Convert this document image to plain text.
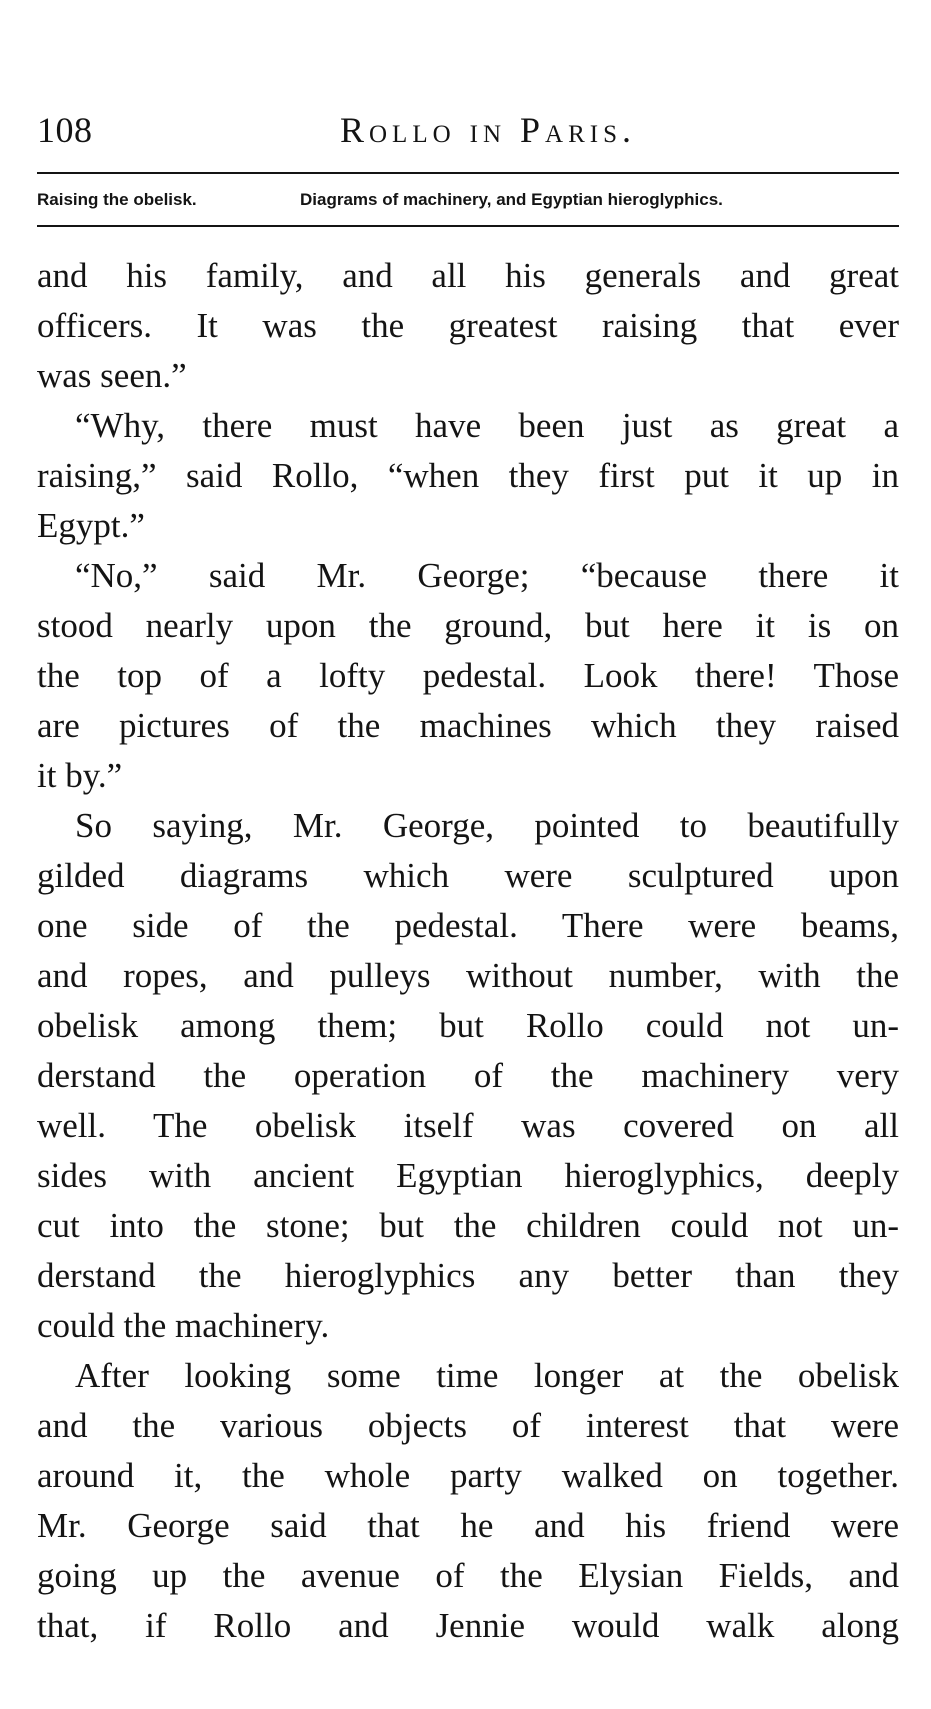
108	Rollo in Paris.
Raising the obelisk.	Diagrams of machinery, and Egyptian hieroglyphics.
and his family, and all his generals and great
officers. It was the greatest raising that ever
was seen.”
“Why, there must have been just as great a
raising,” said Rollo, “when they first put it up in
Egypt.”
“No,” said Mr. George; “because there it
stood nearly upon the ground, but here it is on
the top of a lofty pedestal. Look there! Those
are pictures of the machines which they raised
it by.”
So saying, Mr. George, pointed to beautifully
gilded diagrams which were sculptured upon
one side of the pedestal. There were beams,
and ropes, and pulleys without number, with the
obelisk among them; but Rollo could not un-
derstand the operation of the machinery very
well. The obelisk itself was covered on all
sides with ancient Egyptian hieroglyphics, deeply
cut into the stone; but the children could not un-
derstand the hieroglyphics any better than they
could the machinery.
After looking some time longer at the obelisk
and the various objects of interest that were
around it, the whole party walked on together.
Mr. George said that he and his friend were
going up the avenue of the Elysian Fields, and
that, if Rollo and Jennie would walk along
